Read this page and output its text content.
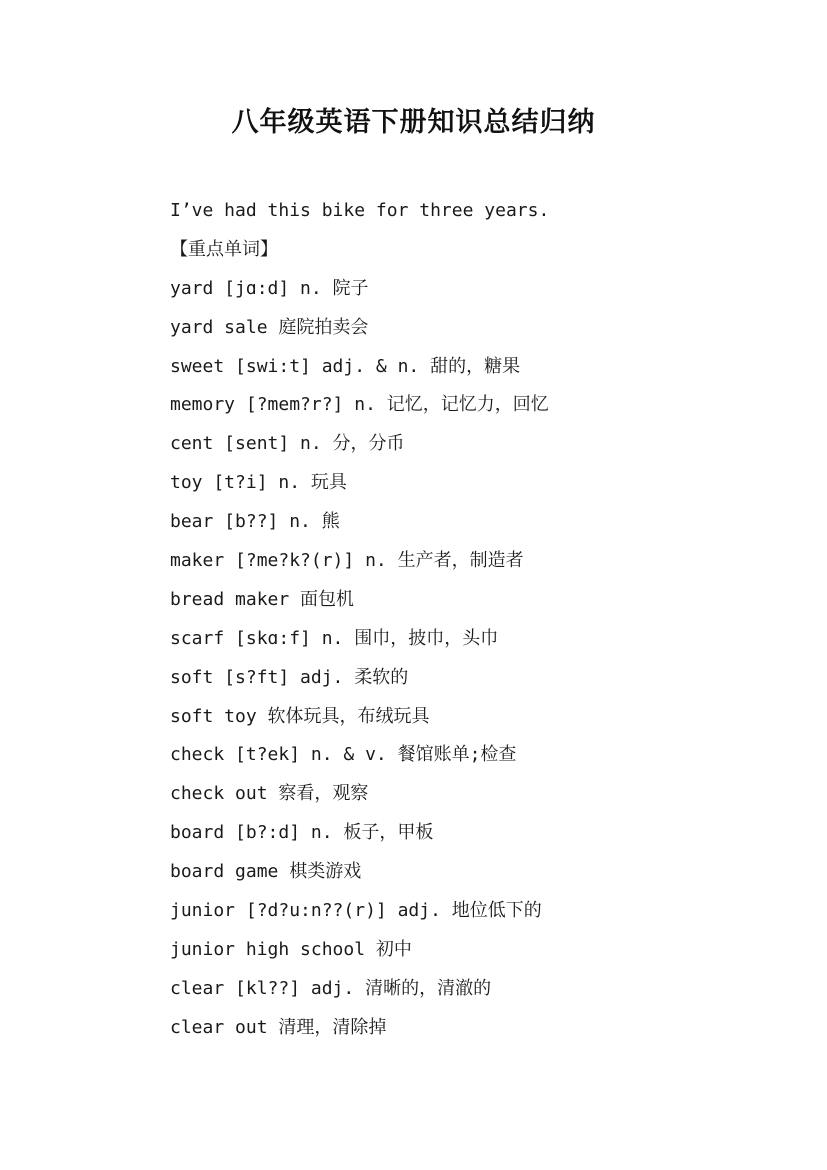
八年级英语下册知识总结归纳
I’ve had this bike for three years.
【重点单词】
yard [jɑ:d] n. 院子
yard sale 庭院拍卖会
sweet [swi:t] adj. & n. 甜的，糖果
memory [?mem?r?] n. 记忆，记忆力，回忆
cent [sent] n. 分，分币
toy [t?i] n. 玩具
bear [b??] n. 熊
maker [?me?k?(r)] n. 生产者，制造者
bread maker 面包机
scarf [skɑ:f] n. 围巾，披巾，头巾
soft [s?ft] adj. 柔软的
soft toy 软体玩具，布绒玩具
check [t?ek] n. & v. 餐馆账单;检查
check out 察看，观察
board [b?:d] n. 板子，甲板
board game 棋类游戏
junior [?d?u:n??(r)] adj. 地位低下的
junior high school 初中
clear [kl??] adj. 清晰的，清澈的
clear out 清理，清除掉
